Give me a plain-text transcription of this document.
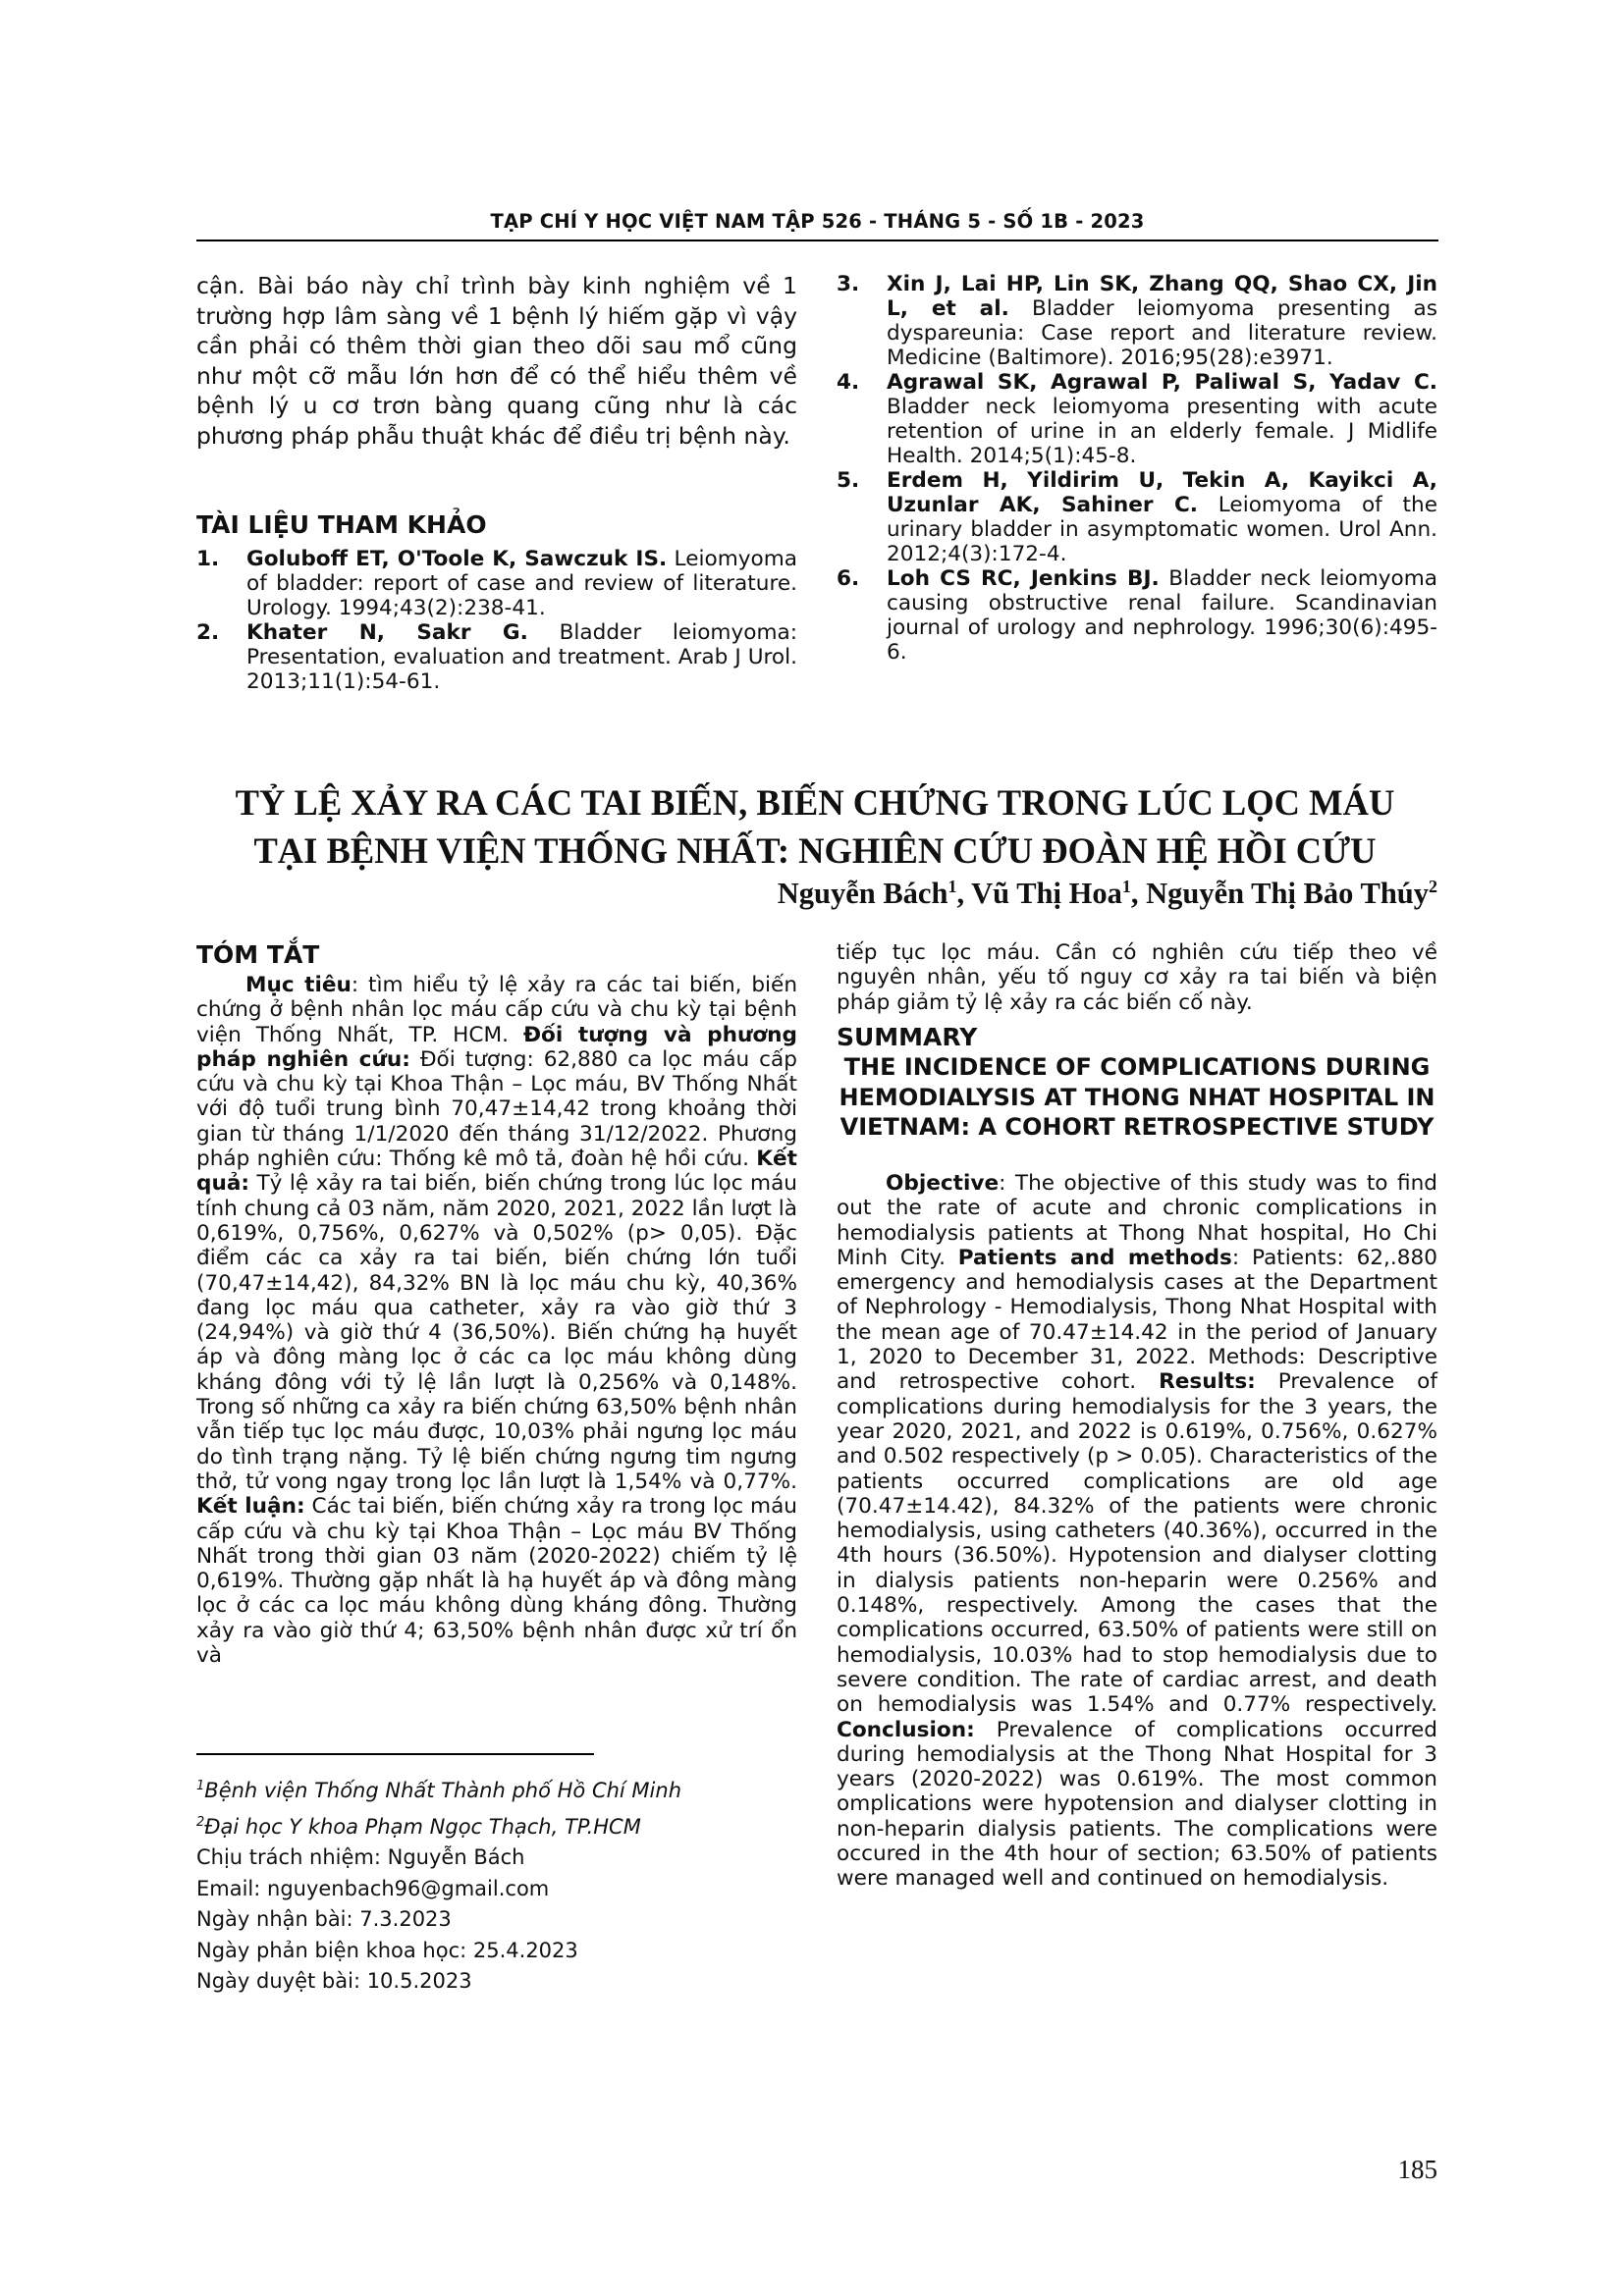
TẠP CHÍ Y HỌC VIỆT NAM TẬP 526 - THÁNG 5 - SỐ 1B - 2023

cận. Bài báo này chỉ trình bày kinh nghiệm về 1 trường hợp lâm sàng về 1 bệnh lý hiếm gặp vì vậy cần phải có thêm thời gian theo dõi sau mổ cũng như một cỡ mẫu lớn hơn để có thể hiểu thêm về bệnh lý u cơ trơn bàng quang cũng như là các phương pháp phẫu thuật khác để điều trị bệnh này.

TÀI LIỆU THAM KHẢO
1. Goluboff ET, O'Toole K, Sawczuk IS. Leiomyoma of bladder: report of case and review of literature. Urology. 1994;43(2):238-41.
2. Khater N, Sakr G. Bladder leiomyoma: Presentation, evaluation and treatment. Arab J Urol. 2013;11(1):54-61.
3. Xin J, Lai HP, Lin SK, Zhang QQ, Shao CX, Jin L, et al. Bladder leiomyoma presenting as dyspareunia: Case report and literature review. Medicine (Baltimore). 2016;95(28):e3971.
4. Agrawal SK, Agrawal P, Paliwal S, Yadav C. Bladder neck leiomyoma presenting with acute retention of urine in an elderly female. J Midlife Health. 2014;5(1):45-8.
5. Erdem H, Yildirim U, Tekin A, Kayikci A, Uzunlar AK, Sahiner C. Leiomyoma of the urinary bladder in asymptomatic women. Urol Ann. 2012;4(3):172-4.
6. Loh CS RC, Jenkins BJ. Bladder neck leiomyoma causing obstructive renal failure. Scandinavian journal of urology and nephrology. 1996;30(6):495-6.
TỶ LỆ XẢY RA CÁC TAI BIẾN, BIẾN CHỨNG TRONG LÚC LỌC MÁU
TẠI BỆNH VIỆN THỐNG NHẤT: NGHIÊN CỨU ĐOÀN HỆ HỒI CỨU
Nguyễn Bách$^1$, Vũ Thị Hoa$^1$, Nguyễn Thị Bảo Thúy$^2$
TÓM TẮT

Mục tiêu: tìm hiểu tỷ lệ xảy ra các tai biến, biến chứng ở bệnh nhân lọc máu cấp cứu và chu kỳ tại bệnh viện Thống Nhất, TP. HCM. Đối tượng và phương pháp nghiên cứu: Đối tượng: 62,880 ca lọc máu cấp cứu và chu kỳ tại Khoa Thận – Lọc máu, BV Thống Nhất với độ tuổi trung bình 70,47±14,42 trong khoảng thời gian từ tháng 1/1/2020 đến tháng 31/12/2022. Phương pháp nghiên cứu: Thống kê mô tả, đoàn hệ hồi cứu. Kết quả: Tỷ lệ xảy ra tai biến, biến chứng trong lúc lọc máu tính chung cả 03 năm, năm 2020, 2021, 2022 lần lượt là 0,619%, 0,756%, 0,627% và 0,502% (p> 0,05). Đặc điểm các ca xảy ra tai biến, biến chứng lớn tuổi (70,47±14,42), 84,32% BN là lọc máu chu kỳ, 40,36% đang lọc máu qua catheter, xảy ra vào giờ thứ 3 (24,94%) và giờ thứ 4 (36,50%). Biến chứng hạ huyết áp và đông màng lọc ở các ca lọc máu không dùng kháng đông với tỷ lệ lần lượt là 0,256% và 0,148%. Trong số những ca xảy ra biến chứng 63,50% bệnh nhân vẫn tiếp tục lọc máu được, 10,03% phải ngưng lọc máu do tình trạng nặng. Tỷ lệ biến chứng ngưng tim ngưng thở, tử vong ngay trong lọc lần lượt là 1,54% và 0,77%. Kết luận: Các tai biến, biến chứng xảy ra trong lọc máu cấp cứu và chu kỳ tại Khoa Thận – Lọc máu BV Thống Nhất trong thời gian 03 năm (2020-2022) chiếm tỷ lệ 0,619%. Thường gặp nhất là hạ huyết áp và đông màng lọc ở các ca lọc máu không dùng kháng đông. Thường xảy ra vào giờ thứ 4; 63,50% bệnh nhân được xử trí ổn và

$^1$Bệnh viện Thống Nhất Thành phố Hồ Chí Minh
$^2$Đại học Y khoa Phạm Ngọc Thạch, TP.HCM
Chịu trách nhiệm: Nguyễn Bách
Email: nguyenbach96@gmail.com
Ngày nhận bài: 7.3.2023
Ngày phản biện khoa học: 25.4.2023
Ngày duyệt bài: 10.5.2023

tiếp tục lọc máu. Cần có nghiên cứu tiếp theo về nguyên nhân, yếu tố nguy cơ xảy ra tai biến và biện pháp giảm tỷ lệ xảy ra các biến cố này.

SUMMARY
THE INCIDENCE OF COMPLICATIONS DURING HEMODIALYSIS AT THONG NHAT HOSPITAL IN VIETNAM: A COHORT RETROSPECTIVE STUDY

Objective: The objective of this study was to find out the rate of acute and chronic complications in hemodialysis patients at Thong Nhat hospital, Ho Chi Minh City. Patients and methods: Patients: 62,.880 emergency and hemodialysis cases at the Department of Nephrology - Hemodialysis, Thong Nhat Hospital with the mean age of 70.47±14.42 in the period of January 1, 2020 to December 31, 2022. Methods: Descriptive and retrospective cohort. Results: Prevalence of complications during hemodialysis for the 3 years, the year 2020, 2021, and 2022 is 0.619%, 0.756%, 0.627% and 0.502 respectively (p > 0.05). Characteristics of the patients occurred complications are old age (70.47±14.42), 84.32% of the patients were chronic hemodialysis, using catheters (40.36%), occurred in the 4th hours (36.50%). Hypotension and dialyser clotting in dialysis patients non-heparin were 0.256% and 0.148%, respectively. Among the cases that the complications occurred, 63.50% of patients were still on hemodialysis, 10.03% had to stop hemodialysis due to severe condition. The rate of cardiac arrest, and death on hemodialysis was 1.54% and 0.77% respectively. Conclusion: Prevalence of complications occurred during hemodialysis at the Thong Nhat Hospital for 3 years (2020-2022) was 0.619%. The most common omplications were hypotension and dialyser clotting in non-heparin dialysis patients. The complications were occured in the 4th hour of section; 63.50% of patients were managed well and continued on hemodialysis.

185
